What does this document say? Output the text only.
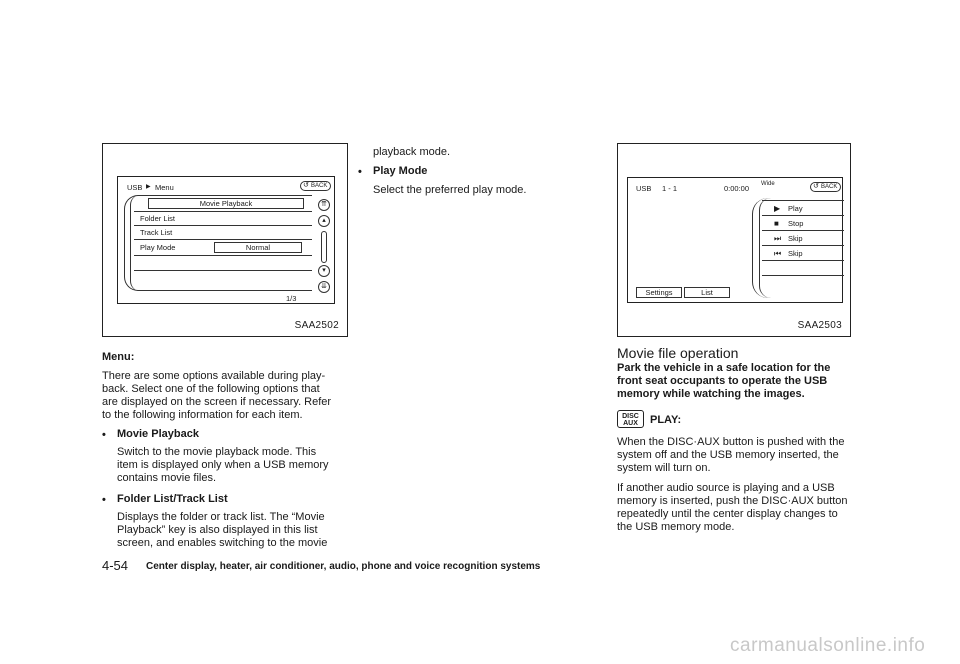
USB ▶ Menu	↺ BACK
Movie Playback
Folder List
Track List
Play Mode	Normal
⇈
▴
▾
⇊
1/3
SAA2502
Menu:
There are some options available during play-
back. Select one of the following options that
are displayed on the screen if necessary. Refer
to the following information for each item.
• Movie Playback
Switch to the movie playback mode. This
item is displayed only when a USB memory
contains movie files.
• Folder List/Track List
Displays the folder or track list. The “Movie
Playback” key is also displayed in this list
screen, and enables switching to the movie
playback mode.
• Play Mode
Select the preferred play mode.	USB 1 - 1	0:00:00 Wide	↺ BACK
▶ Play
■ Stop
⏭ Skip
⏮ Skip
Settings	List
SAA2503
Movie file operation
Park the vehicle in a safe location for the
front seat occupants to operate the USB
memory while watching the images.
DISC
AUX	PLAY:
When the DISC·AUX button is pushed with the
system off and the USB memory inserted, the
system will turn on.
If another audio source is playing and a USB
memory is inserted, push the DISC·AUX button
repeatedly until the center display changes to
the USB memory mode.
4-54 Center display, heater, air conditioner, audio, phone and voice recognition systems
carmanualsonline.info
